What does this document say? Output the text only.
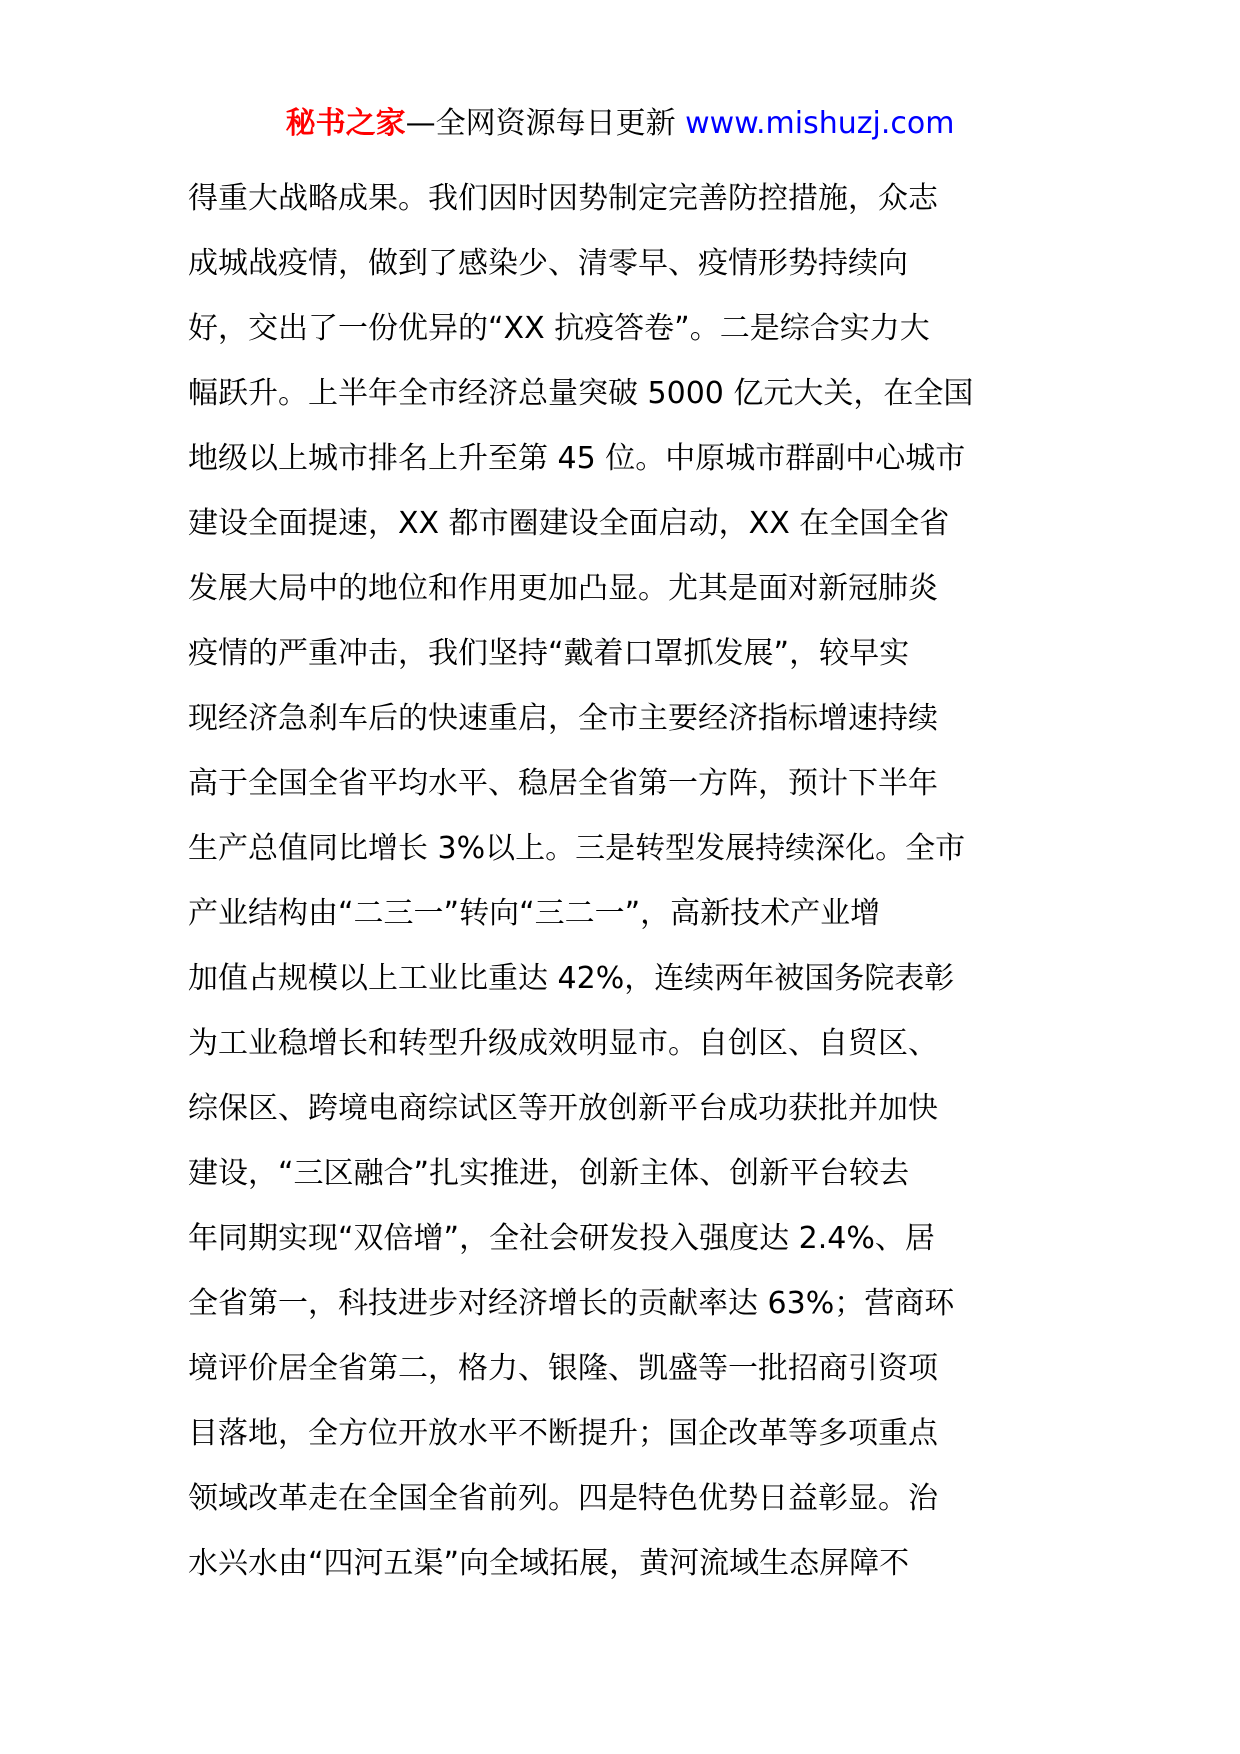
秘书之家—全网资源每日更新 www.mishuzj.com
得重大战略成果。我们因时因势制定完善防控措施，众志
成城战疫情，做到了感染少、清零早、疫情形势持续向
好，交出了一份优异的“XX 抗疫答卷”。二是综合实力大
幅跃升。上半年全市经济总量突破 5000 亿元大关，在全国
地级以上城市排名上升至第 45 位。中原城市群副中心城市
建设全面提速，XX 都市圈建设全面启动，XX 在全国全省
发展大局中的地位和作用更加凸显。尤其是面对新冠肺炎
疫情的严重冲击，我们坚持“戴着口罩抓发展”，较早实
现经济急刹车后的快速重启，全市主要经济指标增速持续
高于全国全省平均水平、稳居全省第一方阵，预计下半年
生产总值同比增长 3%以上。三是转型发展持续深化。全市
产业结构由“二三一”转向“三二一”，高新技术产业增
加值占规模以上工业比重达 42%，连续两年被国务院表彰
为工业稳增长和转型升级成效明显市。自创区、自贸区、
综保区、跨境电商综试区等开放创新平台成功获批并加快
建设，“三区融合”扎实推进，创新主体、创新平台较去
年同期实现“双倍增”，全社会研发投入强度达 2.4%、居
全省第一，科技进步对经济增长的贡献率达 63%；营商环
境评价居全省第二，格力、银隆、凯盛等一批招商引资项
目落地，全方位开放水平不断提升；国企改革等多项重点
领域改革走在全国全省前列。四是特色优势日益彰显。治
水兴水由“四河五渠”向全域拓展，黄河流域生态屏障不
